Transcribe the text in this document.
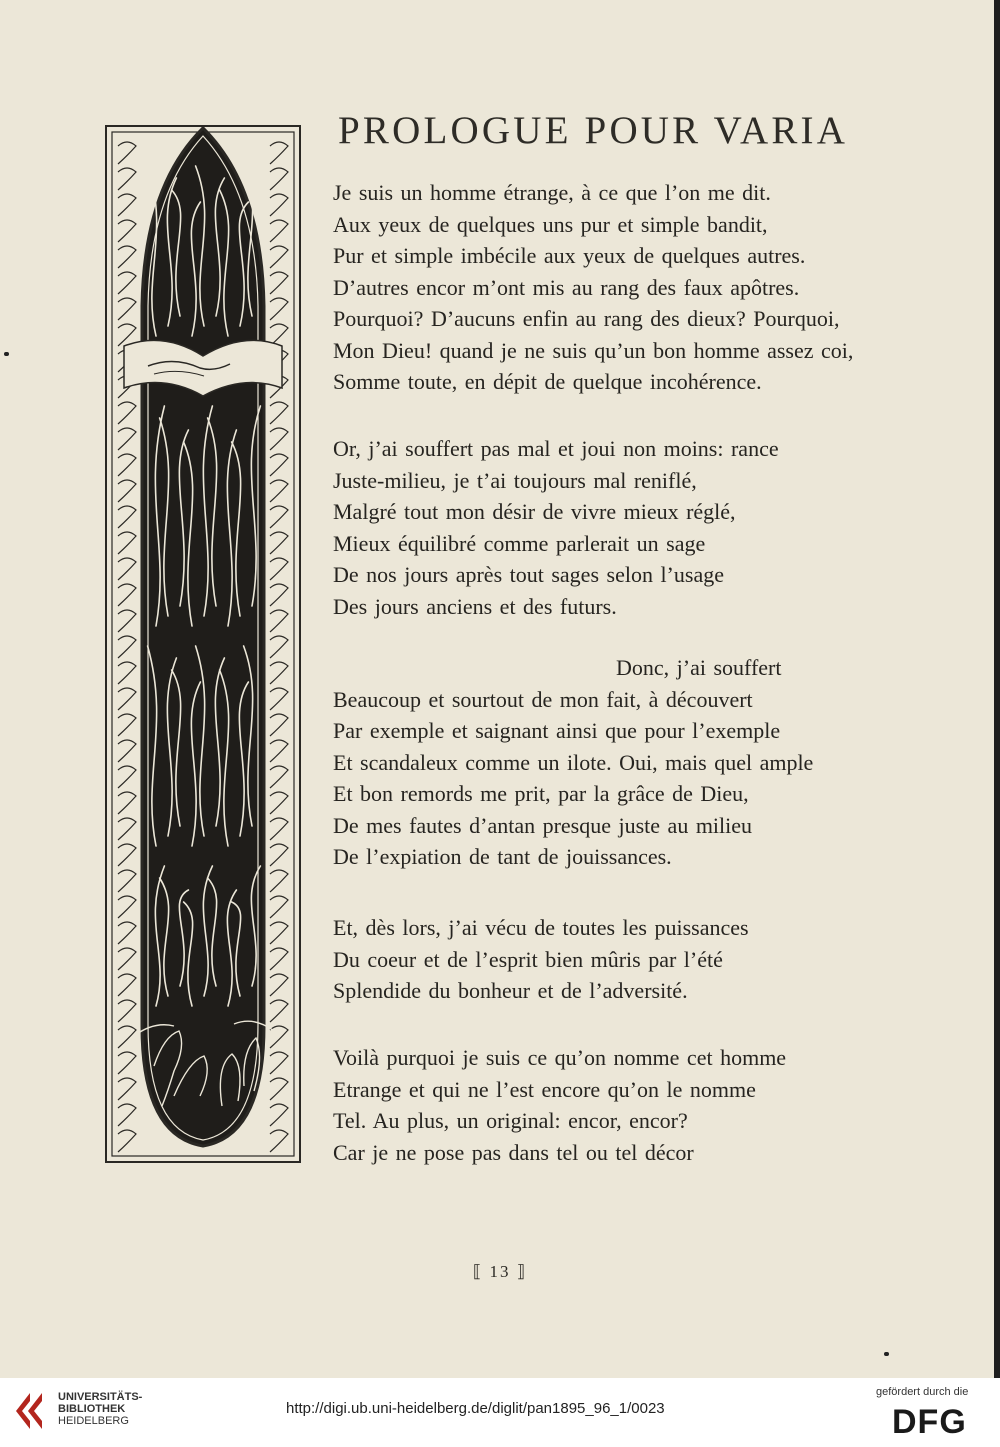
PROLOGUE POUR VARIA
Je suis un homme étrange, à ce que l’on me dit.
Aux yeux de quelques uns pur et simple bandit,
Pur et simple imbécile aux yeux de quelques autres.
D’autres encor m’ont mis au rang des faux apôtres.
Pourquoi? D’aucuns enfin au rang des dieux? Pourquoi,
Mon Dieu! quand je ne suis qu’un bon homme assez coi,
Somme toute, en dépit de quelque incohérence.
Or, j’ai souffert pas mal et joui non moins: rance
Juste-milieu, je t’ai toujours mal reniflé,
Malgré tout mon désir de vivre mieux réglé,
Mieux équilibré comme parlerait un sage
De nos jours après tout sages selon l’usage
Des jours anciens et des futurs.
Donc, j’ai souffert
Beaucoup et sourtout de mon fait, à découvert
Par exemple et saignant ainsi que pour l’exemple
Et scandaleux comme un ilote. Oui, mais quel ample
Et bon remords me prit, par la grâce de Dieu,
De mes fautes d’antan presque juste au milieu
De l’expiation de tant de jouissances.
Et, dès lors, j’ai vécu de toutes les puissances
Du coeur et de l’esprit bien mûris par l’été
Splendide du bonheur et de l’adversité.
Voilà purquoi je suis ce qu’on nomme cet homme
Etrange et qui ne l’est encore qu’on le nomme
Tel. Au plus, un original: encor, encor?
Car je ne pose pas dans tel ou tel décor
⟦ 13 ⟧
UNIVERSITÄTS-
BIBLIOTHEK
HEIDELBERG
http://digi.ub.uni-heidelberg.de/diglit/pan1895_96_1/0023
gefördert durch die
DFG
